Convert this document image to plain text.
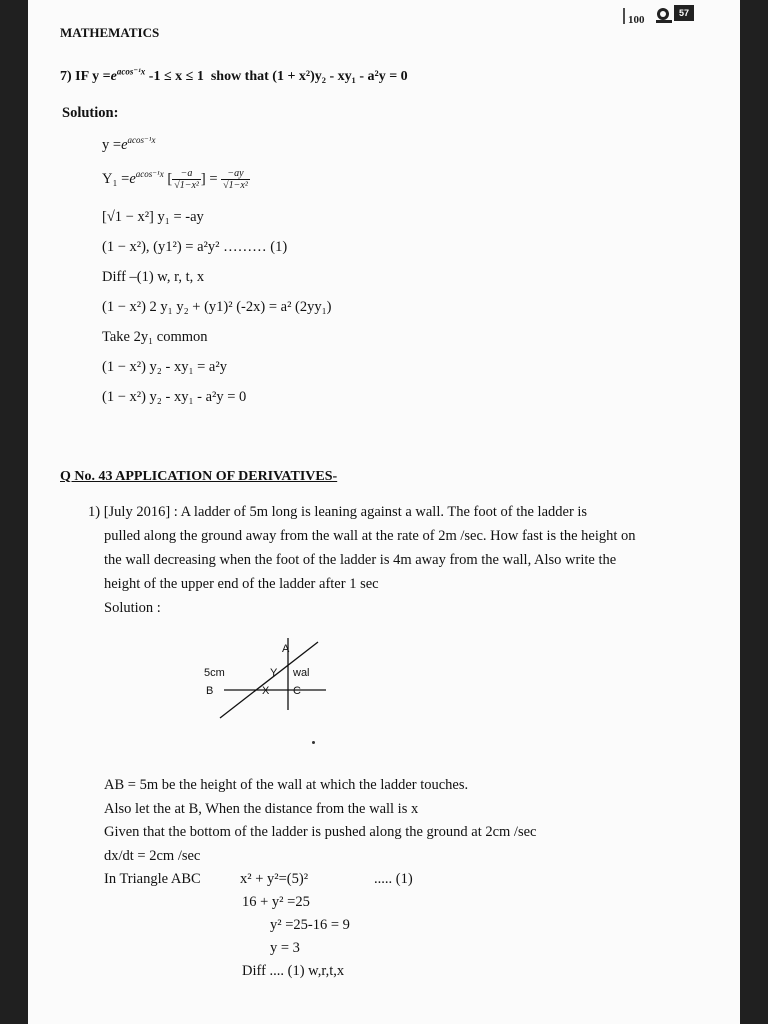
MATHEMATICS
100
57
7) IF $y =e^{acos^{-1}x}$ -1 ≤ x ≤ 1 show that (1 + x²)y₂ - xy₁ - a²y = 0
Solution:
$y =e^{acos^{-1}x}$
$Y_1 =e^{acos^{-1}x}$ [ $\frac{-a}{\text{√1−x²}}$ ] = $\frac{-ay}{\text{√1−x²}}$
[√1 − x²] y₁ = -ay
(1 − x²), (y1²) = a²y² ……… (1)
Diff –(1) w, r, t, x
(1 − x²) 2 y₁ y₂ + (y1)² (-2x) = a² (2yy₁)
Take 2y₁ common
(1 − x²) y₂ - xy₁ = a²y
(1 − x²) y₂ - xy₁ - a²y = 0
Q No. 43 APPLICATION OF DERIVATIVES-
1) [July 2016] : A ladder of 5m long is leaning against a wall. The foot of the ladder is
pulled along the ground away from the wall at the rate of 2m /sec. How fast is the height on
the wall decreasing when the foot of the ladder is 4m away from the wall, Also write the
height of the upper end of the ladder after 1 sec
Solution :
A
5cm	Y wal
B	X C
AB = 5m be the height of the wall at which the ladder touches.
Also let the at B, When the distance from the wall is x
Given that the bottom of the ladder is pushed along the ground at 2cm /sec
dx/dt = 2cm /sec
In Triangle ABC	x² + y²=(5)²	..... (1)
16 + y² =25
y² =25-16 = 9
y = 3
Diff .... (1) w,r,t,x
